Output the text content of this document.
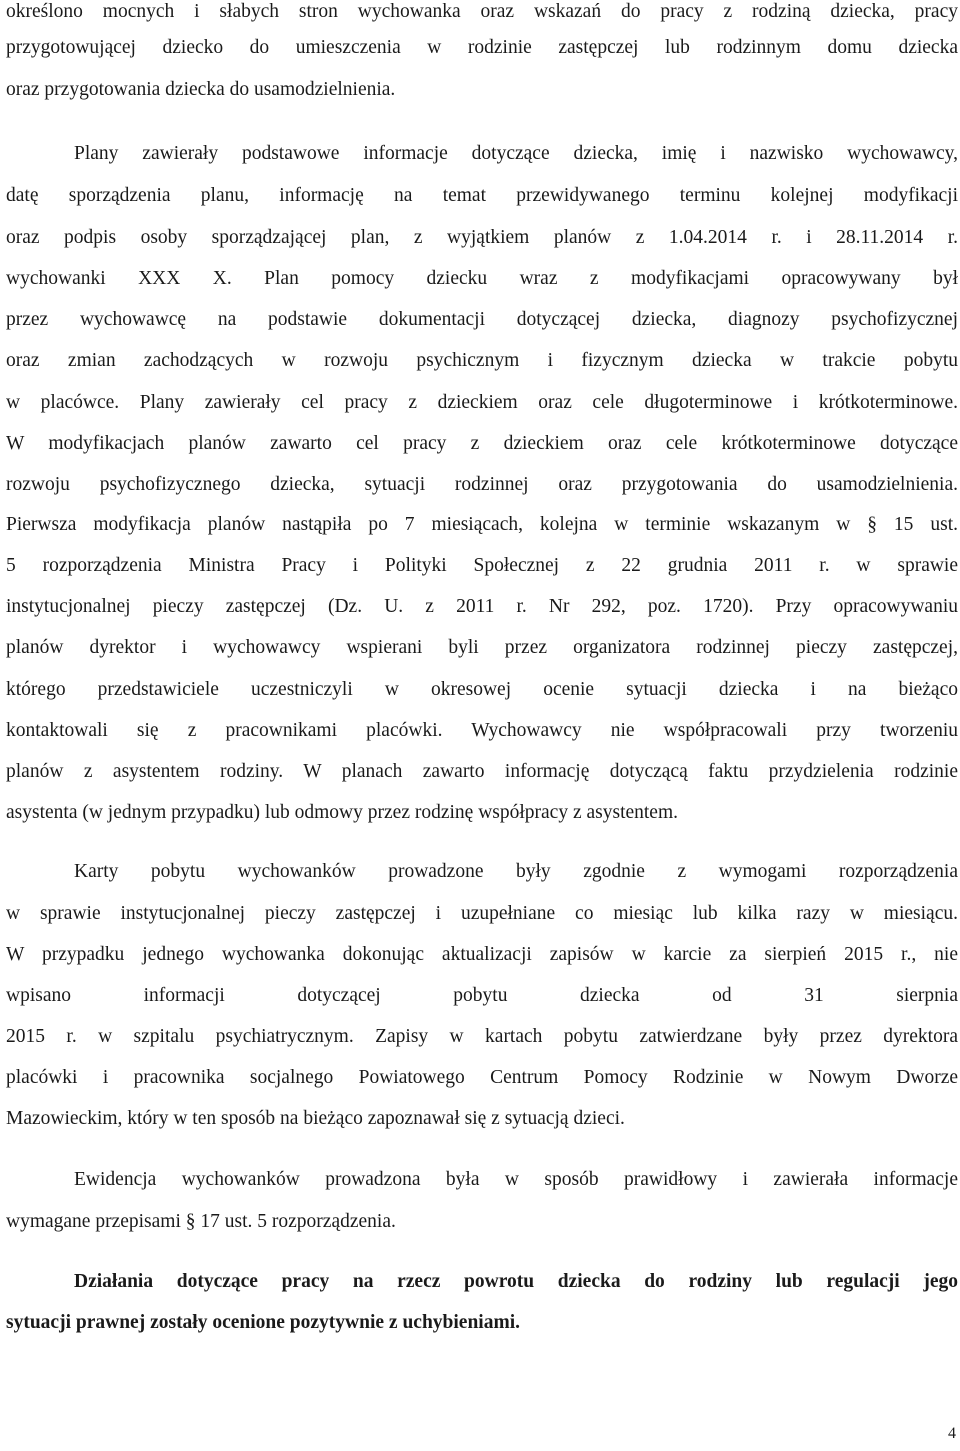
określono mocnych i słabych stron wychowanka oraz wskazań do pracy z rodziną dziecka, pracy
przygotowującej dziecko do umieszczenia w rodzinie zastępczej lub rodzinnym domu dziecka
oraz przygotowania dziecka do usamodzielnienia.
Plany zawierały podstawowe informacje dotyczące dziecka, imię i nazwisko wychowawcy,
datę sporządzenia planu, informację na temat przewidywanego terminu kolejnej modyfikacji
oraz podpis osoby sporządzającej plan, z wyjątkiem planów z 1.04.2014 r. i 28.11.2014 r.
wychowanki XXX X. Plan pomocy dziecku wraz z modyfikacjami opracowywany był
przez wychowawcę na podstawie dokumentacji dotyczącej dziecka, diagnozy psychofizycznej
oraz zmian zachodzących w rozwoju psychicznym i fizycznym dziecka w trakcie pobytu
w placówce. Plany zawierały cel pracy z dzieckiem oraz cele długoterminowe i krótkoterminowe.
W modyfikacjach planów zawarto cel pracy z dzieckiem oraz cele krótkoterminowe dotyczące
rozwoju psychofizycznego dziecka, sytuacji rodzinnej oraz przygotowania do usamodzielnienia.
Pierwsza modyfikacja planów nastąpiła po 7 miesiącach, kolejna w terminie wskazanym w § 15 ust.
5 rozporządzenia Ministra Pracy i Polityki Społecznej z 22 grudnia 2011 r. w sprawie
instytucjonalnej pieczy zastępczej (Dz. U. z 2011 r. Nr 292, poz. 1720). Przy opracowywaniu
planów dyrektor i wychowawcy wspierani byli przez organizatora rodzinnej pieczy zastępczej,
którego przedstawiciele uczestniczyli w okresowej ocenie sytuacji dziecka i na bieżąco
kontaktowali się z pracownikami placówki. Wychowawcy nie współpracowali przy tworzeniu
planów z asystentem rodziny. W planach zawarto informację dotyczącą faktu przydzielenia rodzinie
asystenta (w jednym przypadku) lub odmowy przez rodzinę współpracy z asystentem.
Karty pobytu wychowanków prowadzone były zgodnie z wymogami rozporządzenia
w sprawie instytucjonalnej pieczy zastępczej i uzupełniane co miesiąc lub kilka razy w miesiącu.
W przypadku jednego wychowanka dokonując aktualizacji zapisów w karcie za sierpień 2015 r., nie
wpisano informacji dotyczącej pobytu dziecka od 31 sierpnia
2015 r. w szpitalu psychiatrycznym. Zapisy w kartach pobytu zatwierdzane były przez dyrektora
placówki i pracownika socjalnego Powiatowego Centrum Pomocy Rodzinie w Nowym Dworze
Mazowieckim, który w ten sposób na bieżąco zapoznawał się z sytuacją dzieci.
Ewidencja wychowanków prowadzona była w sposób prawidłowy i zawierała informacje
wymagane przepisami § 17 ust. 5 rozporządzenia.
Działania dotyczące pracy na rzecz powrotu dziecka do rodziny lub regulacji jego
sytuacji prawnej zostały ocenione pozytywnie z uchybieniami.
4
